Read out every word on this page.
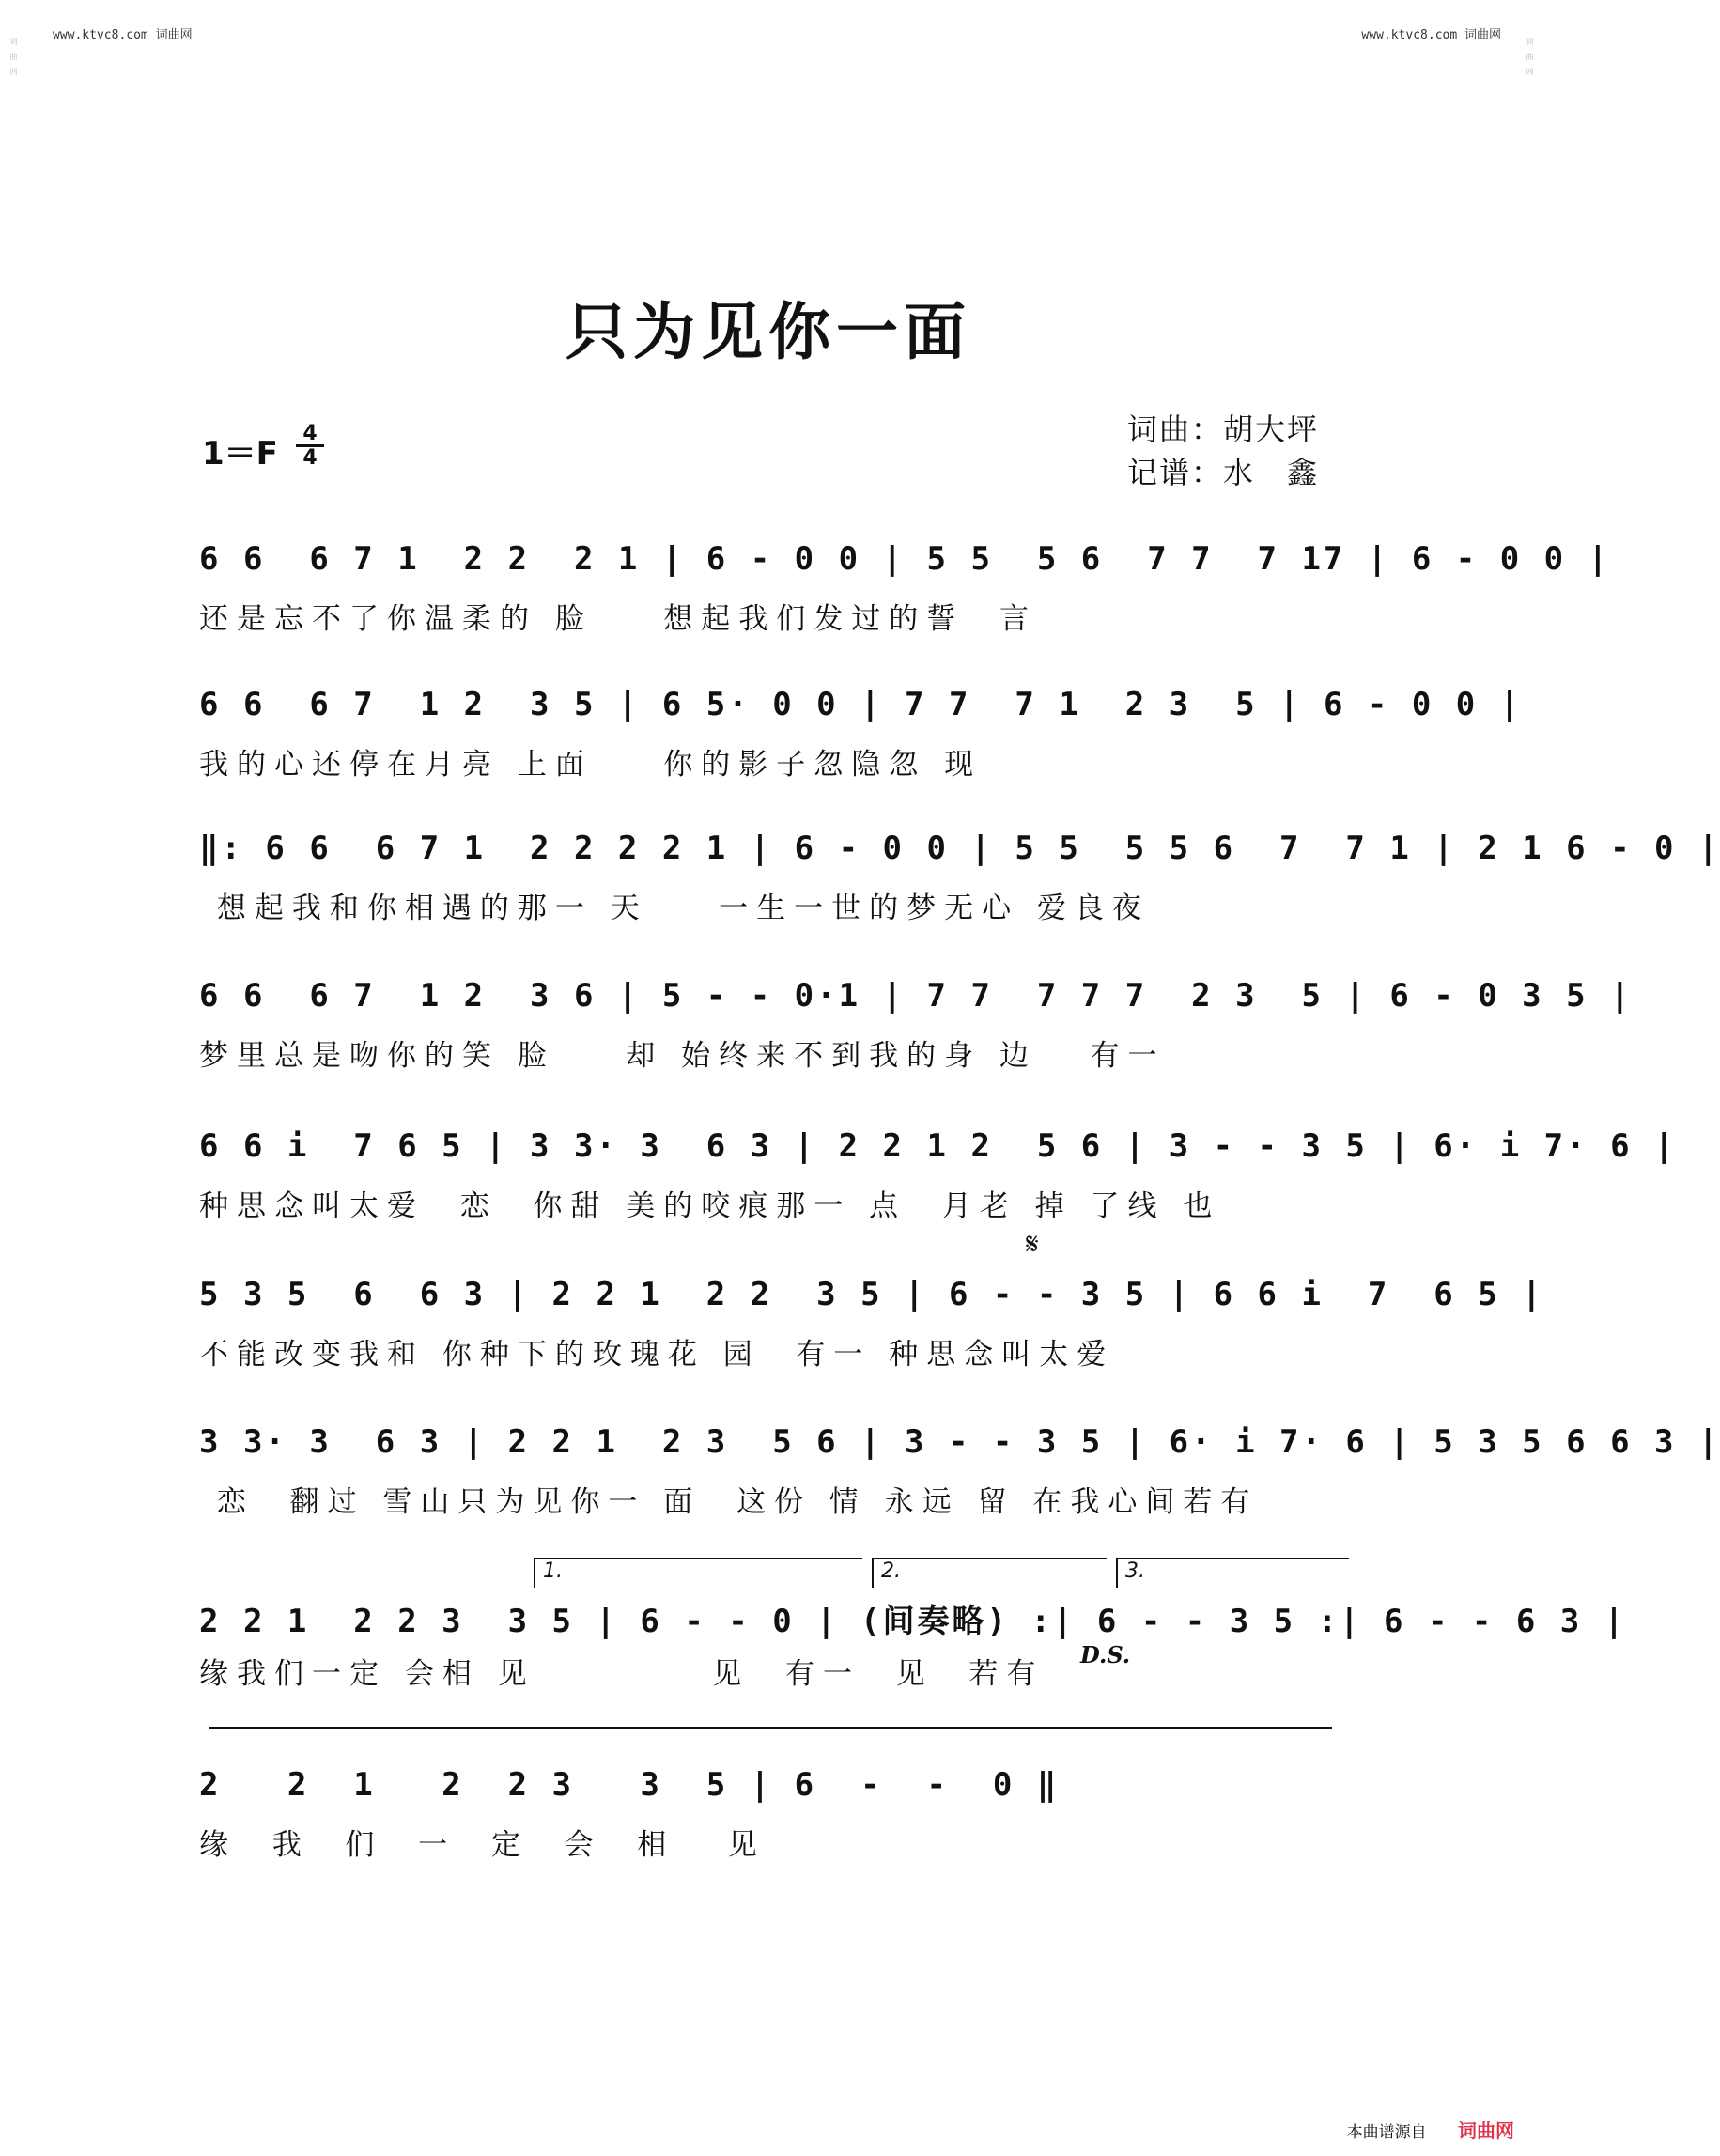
www.ktvc8.com 词曲网	www.ktvc8.com 词曲网
词曲网	词曲网
只为见你一面
1＝F
4
4
词曲：胡大坪
记谱：水　鑫
6 6  6 7 1  2 2  2 1 | 6 - 0 0 | 5 5  5 6  7 7  7 17 | 6 - 0 0 |
还是忘不了你温柔的 脸    想起我们发过的誓  言
6 6  6 7  1 2  3 5 | 6 5· 0 0 | 7 7  7 1  2 3  5 | 6 - 0 0 |
我的心还停在月亮 上面    你的影子忽隐忽 现
‖: 6 6  6 7 1  2 2 2 2 1 | 6 - 0 0 | 5 5  5 5 6  7  7 1 | 2 1 6 - 0 |
想起我和你相遇的那一 天    一生一世的梦无心 爱良夜
6 6  6 7  1 2  3 6 | 5 - - 0·1 | 7 7  7 7 7  2 3  5 | 6 - 0 3 5 |
梦里总是吻你的笑 脸    却 始终来不到我的身 边   有一
6 6 i  7 6 5 | 3 3· 3  6 3 | 2 2 1 2  5 6 | 3 - - 3 5 | 6· i 7· 6 |
种思念叫太爱  恋  你甜 美的咬痕那一 点  月老 掉 了线 也
𝄋
5 3 5  6  6 3 | 2 2 1  2 2  3 5 | 6 - - 3 5 | 6 6 i  7  6 5 |
不能改变我和 你种下的玫瑰花 园  有一 种思念叫太爱
3 3· 3  6 3 | 2 2 1  2 3  5 6 | 3 - - 3 5 | 6· i 7· 6 | 5 3 5 6 6 3 |
恋  翻过 雪山只为见你一 面  这份 情 永远 留 在我心间若有
1.	2.	3.
2 2 1  2 2 3  3 5 | 6 - - 0 | (间奏略) :| 6 - - 3 5 :| 6 - - 6 3 |
缘我们一定 会相 见          见  有一  见  若有
D.S.
2   2  1   2  2 3   3  5 | 6  -  -  0 ‖
缘  我  们  一  定  会  相   见
本曲谱源自 词曲网
